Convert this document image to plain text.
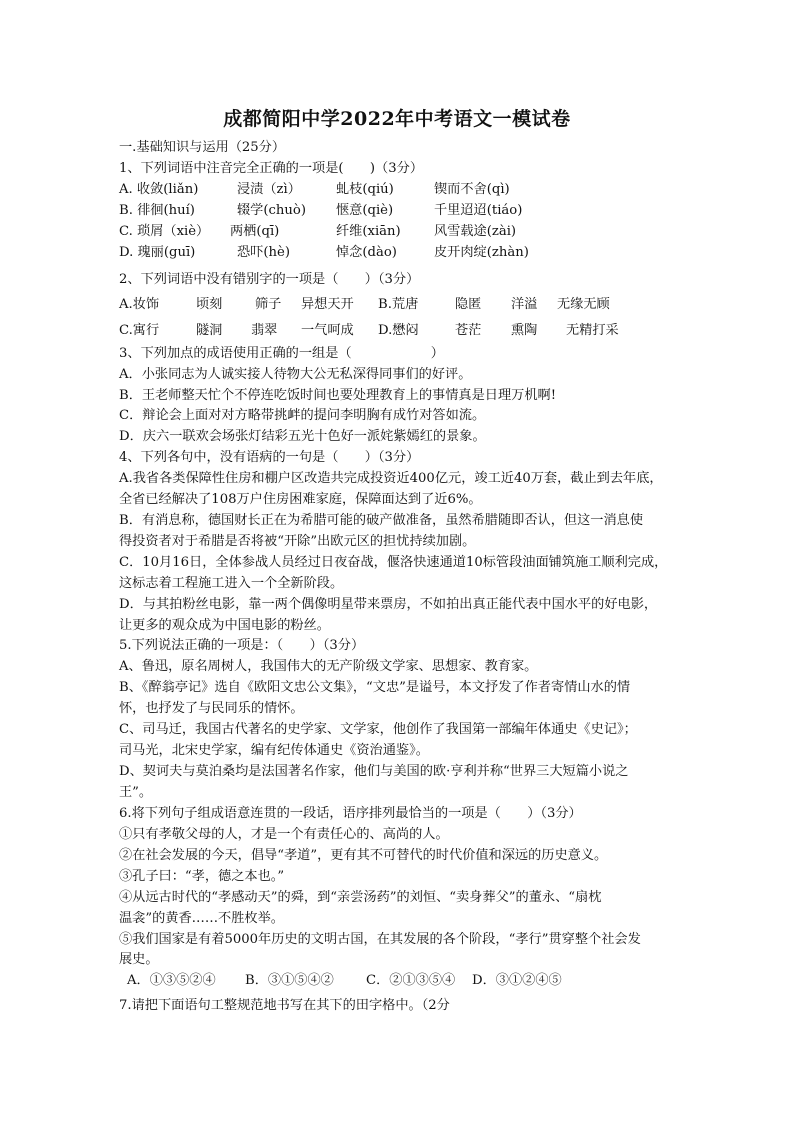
成都简阳中学2022年中考语文一模试卷
一.基础知识与运用（25分）
1、下列词语中注音完全正确的一项是(　　)（3分）
A. 收敛(liǎn)	浸渍（zì）	虬枝(qiú)	锲而不舍(qì)
B. 徘徊(huí)	辍学(chuò) 惬意(qiè)	千里迢迢(tiáo)
C. 琐屑（xiè） 两栖(qī)	纤维(xiān)	风雪载途(zài)
D. 瑰丽(guī)	恐吓(hè)	悼念(dào)	皮开肉绽(zhàn)
2、下列词语中没有错别字的一项是（　　）（3分）
A.妆饰	顷刻 筛子 异想天开 B.荒唐	隐匿 洋溢 无缘无顾
C.寓行	隧洞 翡翠 一气呵成 D.懋闷	苍茫 熏陶 无精打采
3、下列加点的成语使用正确的一组是（　　　　　　）
A．小张同志为人诚实接人待物大公无私深得同事们的好评。
B．王老师整天忙个不停连吃饭时间也要处理教育上的事情真是日理万机啊!
C．辩论会上面对对方略带挑衅的提问李明胸有成竹对答如流。
D．庆六一联欢会场张灯结彩五光十色好一派姹紫嫣红的景象。
4、下列各句中，没有语病的一句是（　　）（3分）
A.我省各类保障性住房和棚户区改造共完成投资近400亿元，竣工近40万套，截止到去年底，
全省已经解决了108万户住房困难家庭，保障面达到了近6%。
B．有消息称，德国财长正在为希腊可能的破产做准备，虽然希腊随即否认，但这一消息使
得投资者对于希腊是否将被“开除”出欧元区的担忧持续加剧。
C．10月16日，全体参战人员经过日夜奋战，偃洛快速通道10标管段油面铺筑施工顺利完成，
这标志着工程施工进入一个全新阶段。
D．与其拍粉丝电影，靠一两个偶像明星带来票房，不如拍出真正能代表中国水平的好电影，
让更多的观众成为中国电影的粉丝。
5.下列说法正确的一项是：（　　）（3分）
A、鲁迅，原名周树人，我国伟大的无产阶级文学家、思想家、教育家。
B、《醉翁亭记》选自《欧阳文忠公文集》，“文忠”是谥号，本文抒发了作者寄情山水的情
怀，也抒发了与民同乐的情怀。
C、司马迁，我国古代著名的史学家、文学家，他创作了我国第一部编年体通史《史记》；
司马光，北宋史学家，编有纪传体通史《资治通鉴》。
D、契诃夫与莫泊桑均是法国著名作家，他们与美国的欧·亨利并称“世界三大短篇小说之
王”。
6.将下列句子组成语意连贯的一段话，语序排列最恰当的一项是（　　）（3分）
①只有孝敬父母的人，才是一个有责任心的、高尚的人。
②在社会发展的今天，倡导“孝道”，更有其不可替代的时代价值和深远的历史意义。
③孔子曰：“孝，德之本也。”
④从远古时代的“孝感动天”的舜，到“亲尝汤药”的刘恒、“卖身葬父”的董永、“扇枕
温衾”的黄香……不胜枚举。
⑤我们国家是有着5000年历史的文明古国，在其发展的各个阶段，“孝行”贯穿整个社会发
展史。
A．①③⑤②④ B．③①⑤④② C．②①③⑤④ D．③①②④⑤
7.请把下面语句工整规范地书写在其下的田字格中。（2分
